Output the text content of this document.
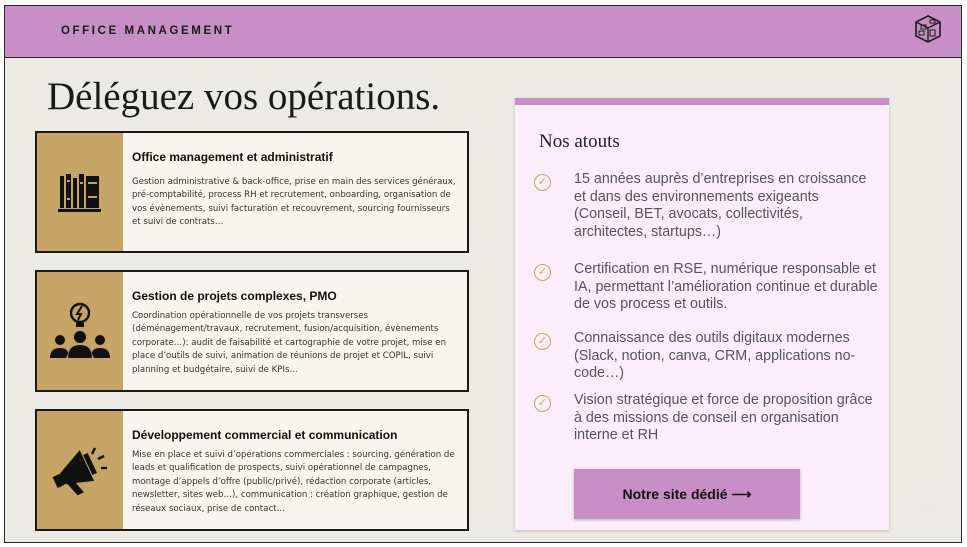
OFFICE MANAGEMENT
Déléguez vos opérations.
Office management et administratif
Gestion administrative & back-office, prise en main des services généraux, pré-comptabilité, process RH et recrutement, onboarding, organisation de vos évènements, suivi facturation et recouvrement, sourcing fournisseurs et suivi de contrats…
Gestion de projets complexes, PMO
Coordination opérationnelle de vos projets transverses (déménagement/travaux, recrutement, fusion/acquisition, évènements corporate…): audit de faisabilité et cartographie de votre projet, mise en place d’outils de suivi, animation de réunions de projet et COPIL, suivi planning et budgétaire, suivi de KPIs…
Développement commercial et communication
Mise en place et suivi d’opérations commerciales : sourcing, génération de leads et qualification de prospects, suivi opérationnel de campagnes, montage d’appels d’offre (public/privé), rédaction corporate (articles, newsletter, sites web…), communication : création graphique, gestion de réseaux sociaux, prise de contact…
Nos atouts
✓ 15 années auprès d’entreprises en croissance et dans des environnements exigeants (Conseil, BET, avocats, collectivités, architectes, startups…)
✓ Certification en RSE, numérique responsable et IA, permettant l’amélioration continue et durable de vos process et outils.
✓ Connaissance des outils digitaux modernes (Slack, notion, canva, CRM, applications no-code…)
✓ Vision stratégique et force de proposition grâce à des missions de conseil en organisation interne et RH
Notre site dédié ⟶
06
